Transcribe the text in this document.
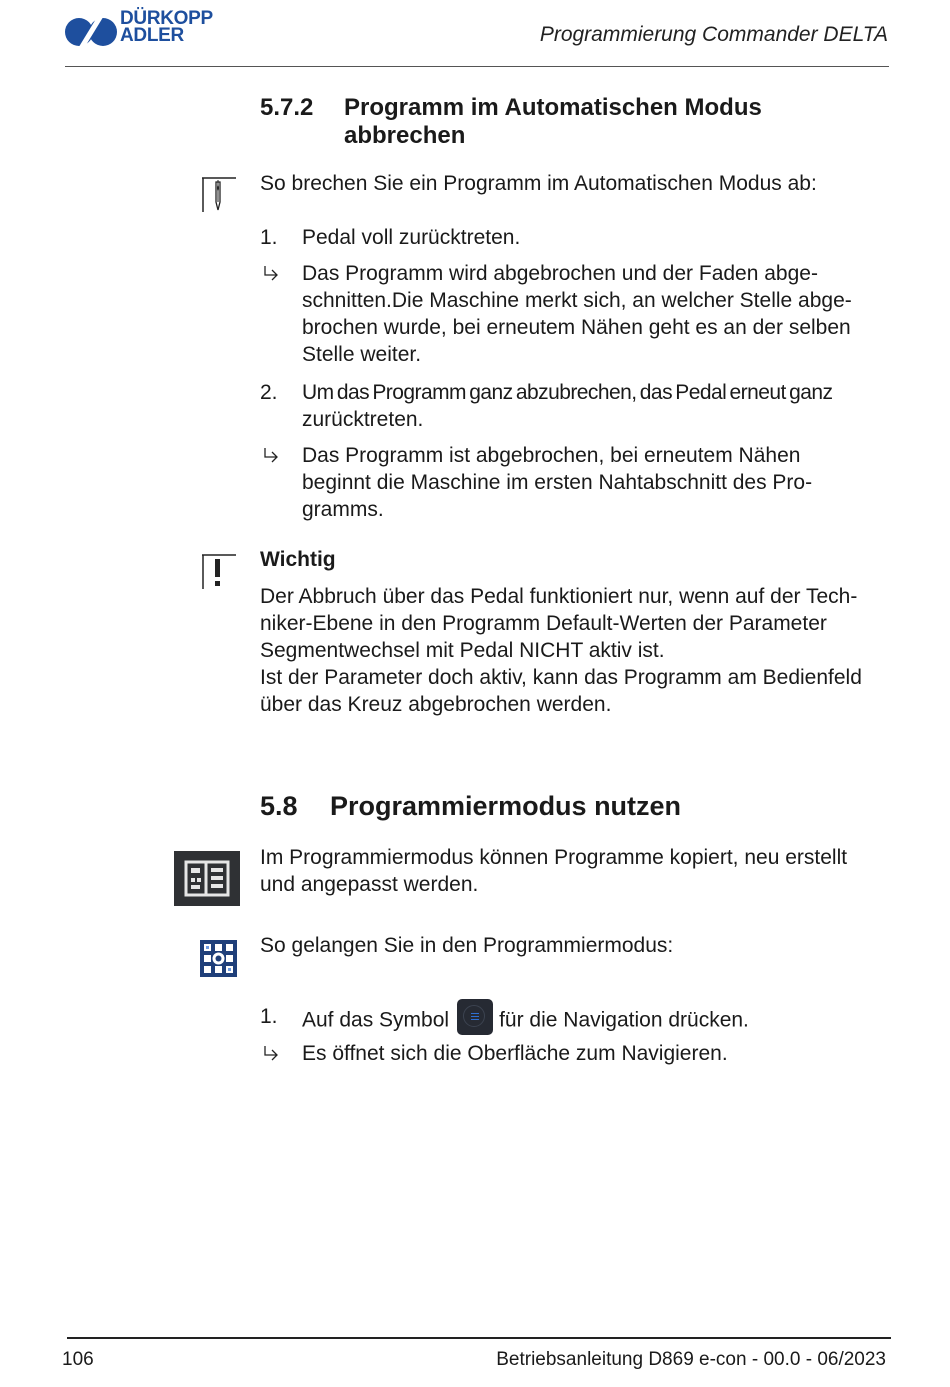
DÜRKOPP
ADLER	Programmierung Commander DELTA
5.7.2 Programm im Automatischen Modus
abbrechen
So brechen Sie ein Programm im Automatischen Modus ab:
1. Pedal voll zurücktreten.
Das Programm wird abgebrochen und der Faden abge-
schnitten.Die Maschine merkt sich, an welcher Stelle abge-
brochen wurde, bei erneutem Nähen geht es an der selben
Stelle weiter.
2. Um das Programm ganz abzubrechen, das Pedal erneut ganz
zurücktreten.
Das Programm ist abgebrochen, bei erneutem Nähen
beginnt die Maschine im ersten Nahtabschnitt des Pro-
gramms.
Wichtig
Der Abbruch über das Pedal funktioniert nur, wenn auf der Tech-
niker-Ebene in den Programm Default-Werten der Parameter
Segmentwechsel mit Pedal NICHT aktiv ist.
Ist der Parameter doch aktiv, kann das Programm am Bedienfeld
über das Kreuz abgebrochen werden.
5.8 Programmiermodus nutzen
Im Programmiermodus können Programme kopiert, neu erstellt
und angepasst werden.
So gelangen Sie in den Programmiermodus:
1. Auf das Symbol für die Navigation drücken.
Es öffnet sich die Oberfläche zum Navigieren.
106	Betriebsanleitung D869 e-con - 00.0 - 06/2023
